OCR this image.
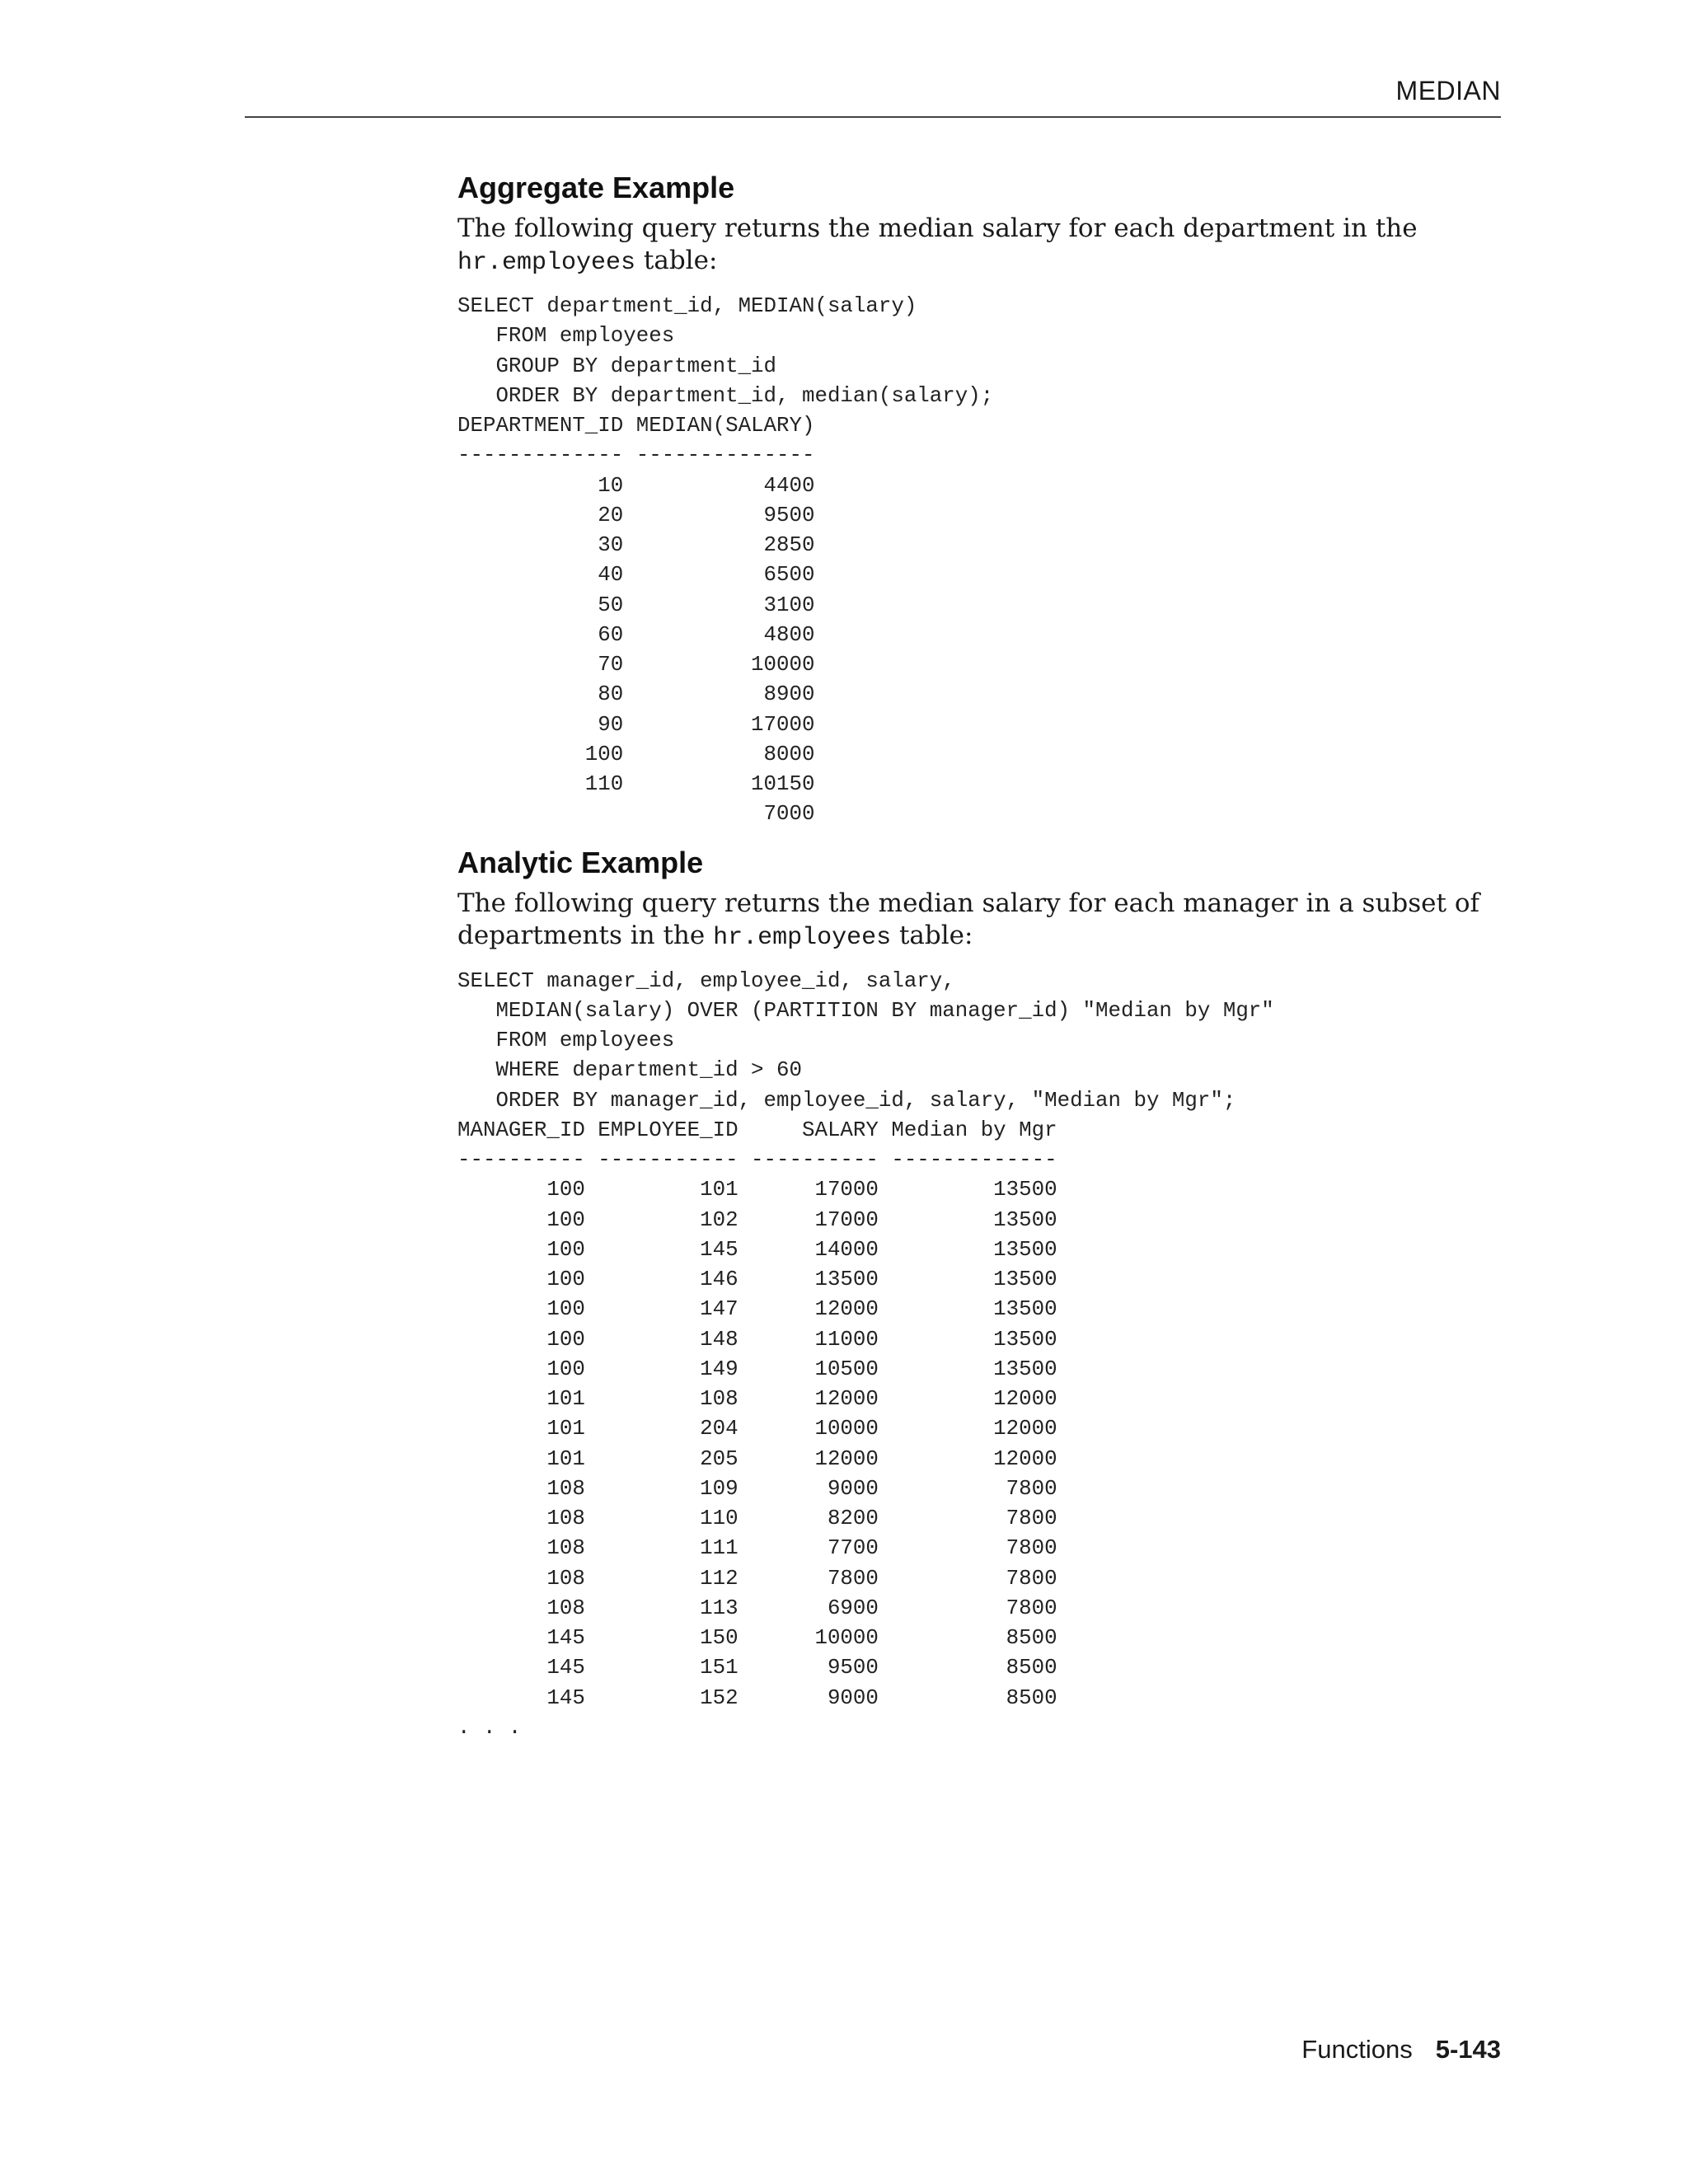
MEDIAN
Aggregate Example

The following query returns the median salary for each department in the
hr.employees table:

SELECT department_id, MEDIAN(salary)
FROM employees
GROUP BY department_id
ORDER BY department_id, median(salary);
DEPARTMENT_ID MEDIAN(SALARY)
------------- --------------
10           4400
20           9500
30           2850
40           6500
50           3100
60           4800
70          10000
80           8900
90          17000
100           8000
110          10150
7000
Analytic Example

The following query returns the median salary for each manager in a subset of
departments in the hr.employees table:

SELECT manager_id, employee_id, salary,
MEDIAN(salary) OVER (PARTITION BY manager_id) "Median by Mgr"
FROM employees
WHERE department_id > 60
ORDER BY manager_id, employee_id, salary, "Median by Mgr";
MANAGER_ID EMPLOYEE_ID     SALARY Median by Mgr
---------- ----------- ---------- -------------
100         101      17000         13500
100         102      17000         13500
100         145      14000         13500
100         146      13500         13500
100         147      12000         13500
100         148      11000         13500
100         149      10500         13500
101         108      12000         12000
101         204      10000         12000
101         205      12000         12000
108         109       9000          7800
108         110       8200          7800
108         111       7700          7800
108         112       7800          7800
108         113       6900          7800
145         150      10000          8500
145         151       9500          8500
145         152       9000          8500
. . .
Functions 5-143
